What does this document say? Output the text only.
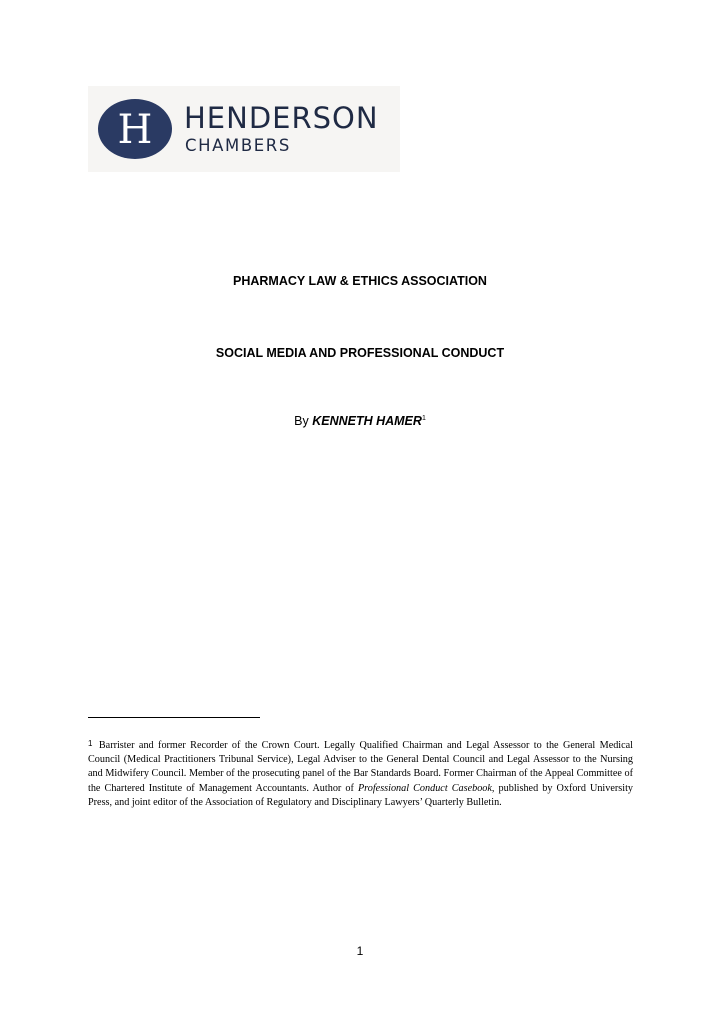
H HENDERSON
CHAMBERS
PHARMACY LAW & ETHICS ASSOCIATION
SOCIAL MEDIA AND PROFESSIONAL CONDUCT
By KENNETH HAMER$^1$
1 Barrister and former Recorder of the Crown Court. Legally Qualified Chairman and Legal Assessor to the General Medical Council (Medical Practitioners Tribunal Service), Legal Adviser to the General Dental Council and Legal Assessor to the Nursing and Midwifery Council. Member of the prosecuting panel of the Bar Standards Board. Former Chairman of the Appeal Committee of the Chartered Institute of Management Accountants. Author of Professional Conduct Casebook, published by Oxford University Press, and joint editor of the Association of Regulatory and Disciplinary Lawyers’ Quarterly Bulletin.
1
